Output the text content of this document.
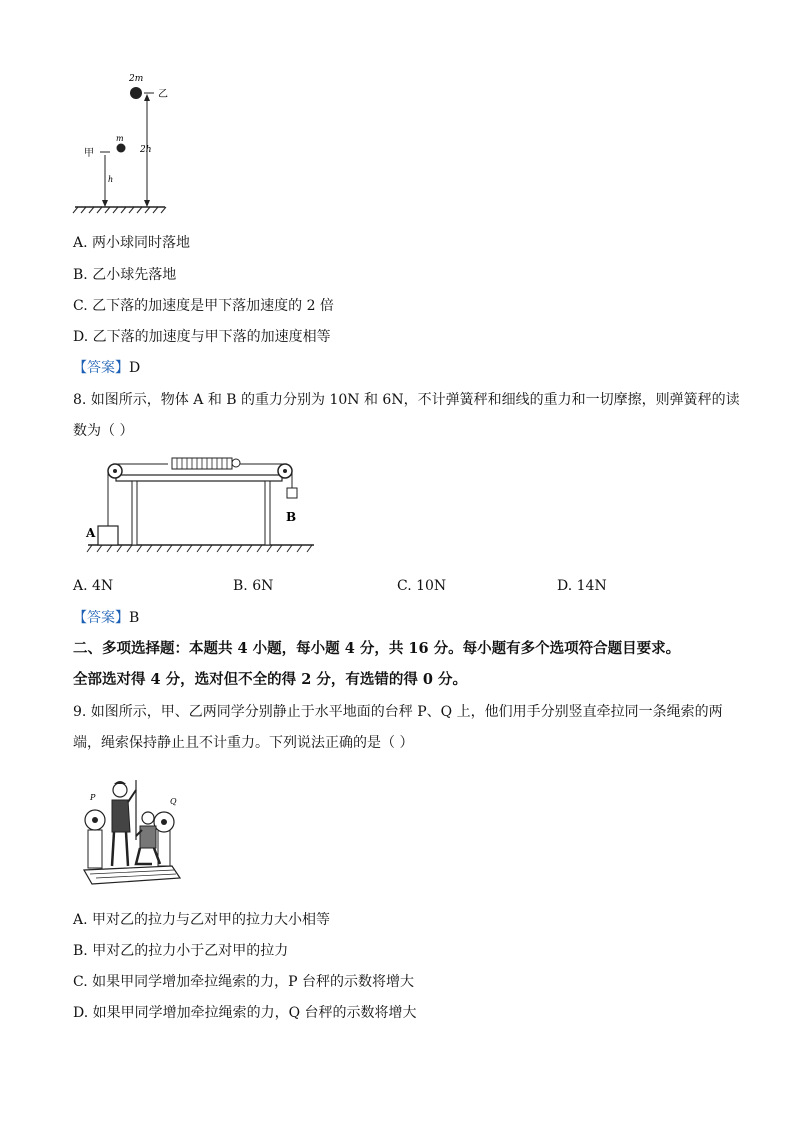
2m
乙
2h
m
甲
h
A. 两小球同时落地
B. 乙小球先落地
C. 乙下落的加速度是甲下落加速度的 2 倍
D. 乙下落的加速度与甲下落的加速度相等
【答案】D
8. 如图所示，物体 A 和 B 的重力分别为 10N 和 6N，不计弹簧秤和细线的重力和一切摩擦，则弹簧秤的读
数为（ ）
A
B
A. 4N	B. 6N	C. 10N	D. 14N
【答案】B
二、多项选择题：本题共 4 小题，每小题 4 分，共 16 分。每小题有多个选项符合题目要求。
全部选对得 4 分，选对但不全的得 2 分，有选错的得 0 分。
9. 如图所示，甲、乙两同学分别静止于水平地面的台秤 P、Q 上，他们用手分别竖直牵拉同一条绳索的两
端，绳索保持静止且不计重力。下列说法正确的是（ ）
P	Q
A. 甲对乙的拉力与乙对甲的拉力大小相等
B. 甲对乙的拉力小于乙对甲的拉力
C. 如果甲同学增加牵拉绳索的力，P 台秤的示数将增大
D. 如果甲同学增加牵拉绳索的力，Q 台秤的示数将增大
